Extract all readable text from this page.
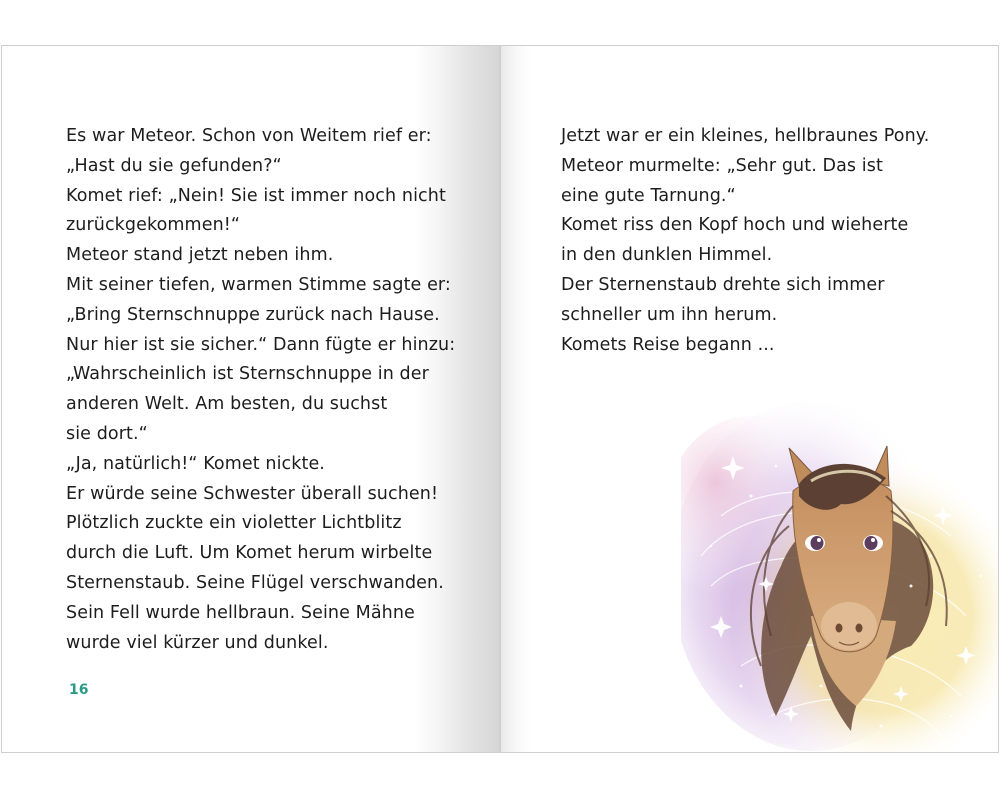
Es war Meteor. Schon von Weitem rief er:
„Hast du sie gefunden?“
Komet rief: „Nein! Sie ist immer noch nicht
zurückgekommen!“
Meteor stand jetzt neben ihm.
Mit seiner tiefen, warmen Stimme sagte er:
„Bring Sternschnuppe zurück nach Hause.
Nur hier ist sie sicher.“ Dann fügte er hinzu:
„Wahrscheinlich ist Sternschnuppe in der
anderen Welt. Am besten, du suchst
sie dort.“
„Ja, natürlich!“ Komet nickte.
Er würde seine Schwester überall suchen!
Plötzlich zuckte ein violetter Lichtblitz
durch die Luft. Um Komet herum wirbelte
Sternenstaub. Seine Flügel verschwanden.
Sein Fell wurde hellbraun. Seine Mähne
wurde viel kürzer und dunkel.
16
Jetzt war er ein kleines, hellbraunes Pony.
Meteor murmelte: „Sehr gut. Das ist
eine gute Tarnung.“
Komet riss den Kopf hoch und wieherte
in den dunklen Himmel.
Der Sternenstaub drehte sich immer
schneller um ihn herum.
Komets Reise begann ...
